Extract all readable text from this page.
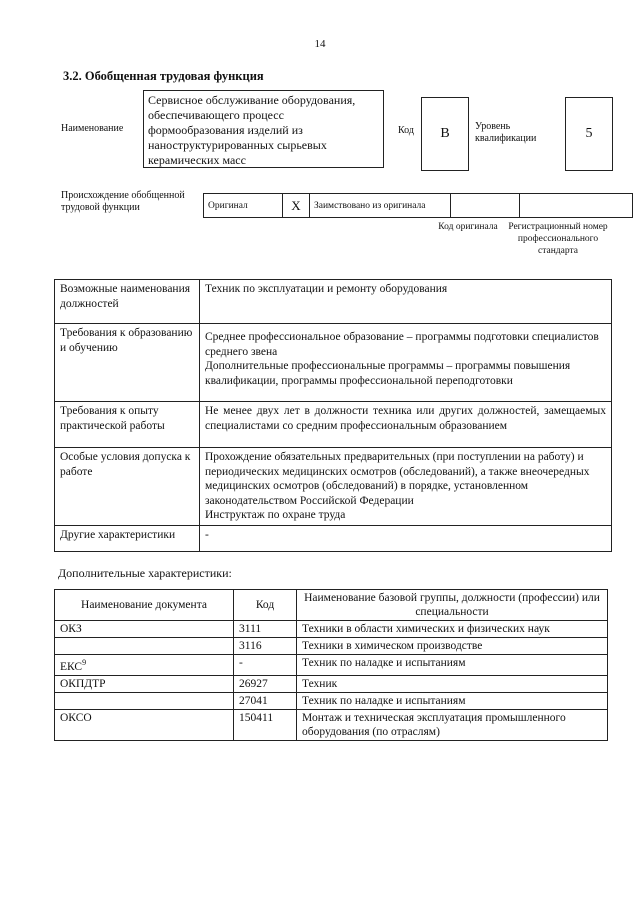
14
3.2. Обобщенная трудовая функция
Наименование
Сервисное обслуживание оборудования, обеспечивающего процесс формообразования изделий из наноструктурированных сырьевых керамических масс
Код	В	Уровень квалификации	5
Происхождение обобщенной трудовой функции	Оригинал	X	Заимствовано из оригинала		
Код оригинала	Регистрационный номер профессионального стандарта
Возможные наименования должностей	Техник по эксплуатации и ремонту оборудования
Требования к образованию и обучению	Среднее профессиональное образование – программы подготовки специалистов среднего звена
Дополнительные профессиональные программы – программы повышения квалификации, программы профессиональной переподготовки

Требования к опыту практической работы	Не менее двух лет в должности техника или других должностей, замещаемых специалистами со средним профессиональным образованием
Особые условия допуска к работе	Прохождение обязательных предварительных (при поступлении на работу) и периодических медицинских осмотров (обследований), а также внеочередных медицинских осмотров (обследований) в порядке, установленном законодательством Российской Федерации
Инструктаж по охране труда

Другие характеристики	-
Дополнительные характеристики:
Наименование документа	Код	Наименование базовой группы, должности (профессии) или специальности
ОКЗ	3111	Техники в области химических и физических наук
	3116	Техники в химическом производстве
ЕКС$^9$	-	Техник по наладке и испытаниям
ОКПДТР	26927	Техник
	27041	Техник по наладке и испытаниям
ОКСО	150411	Монтаж и техническая эксплуатация промышленного оборудования (по отраслям)
